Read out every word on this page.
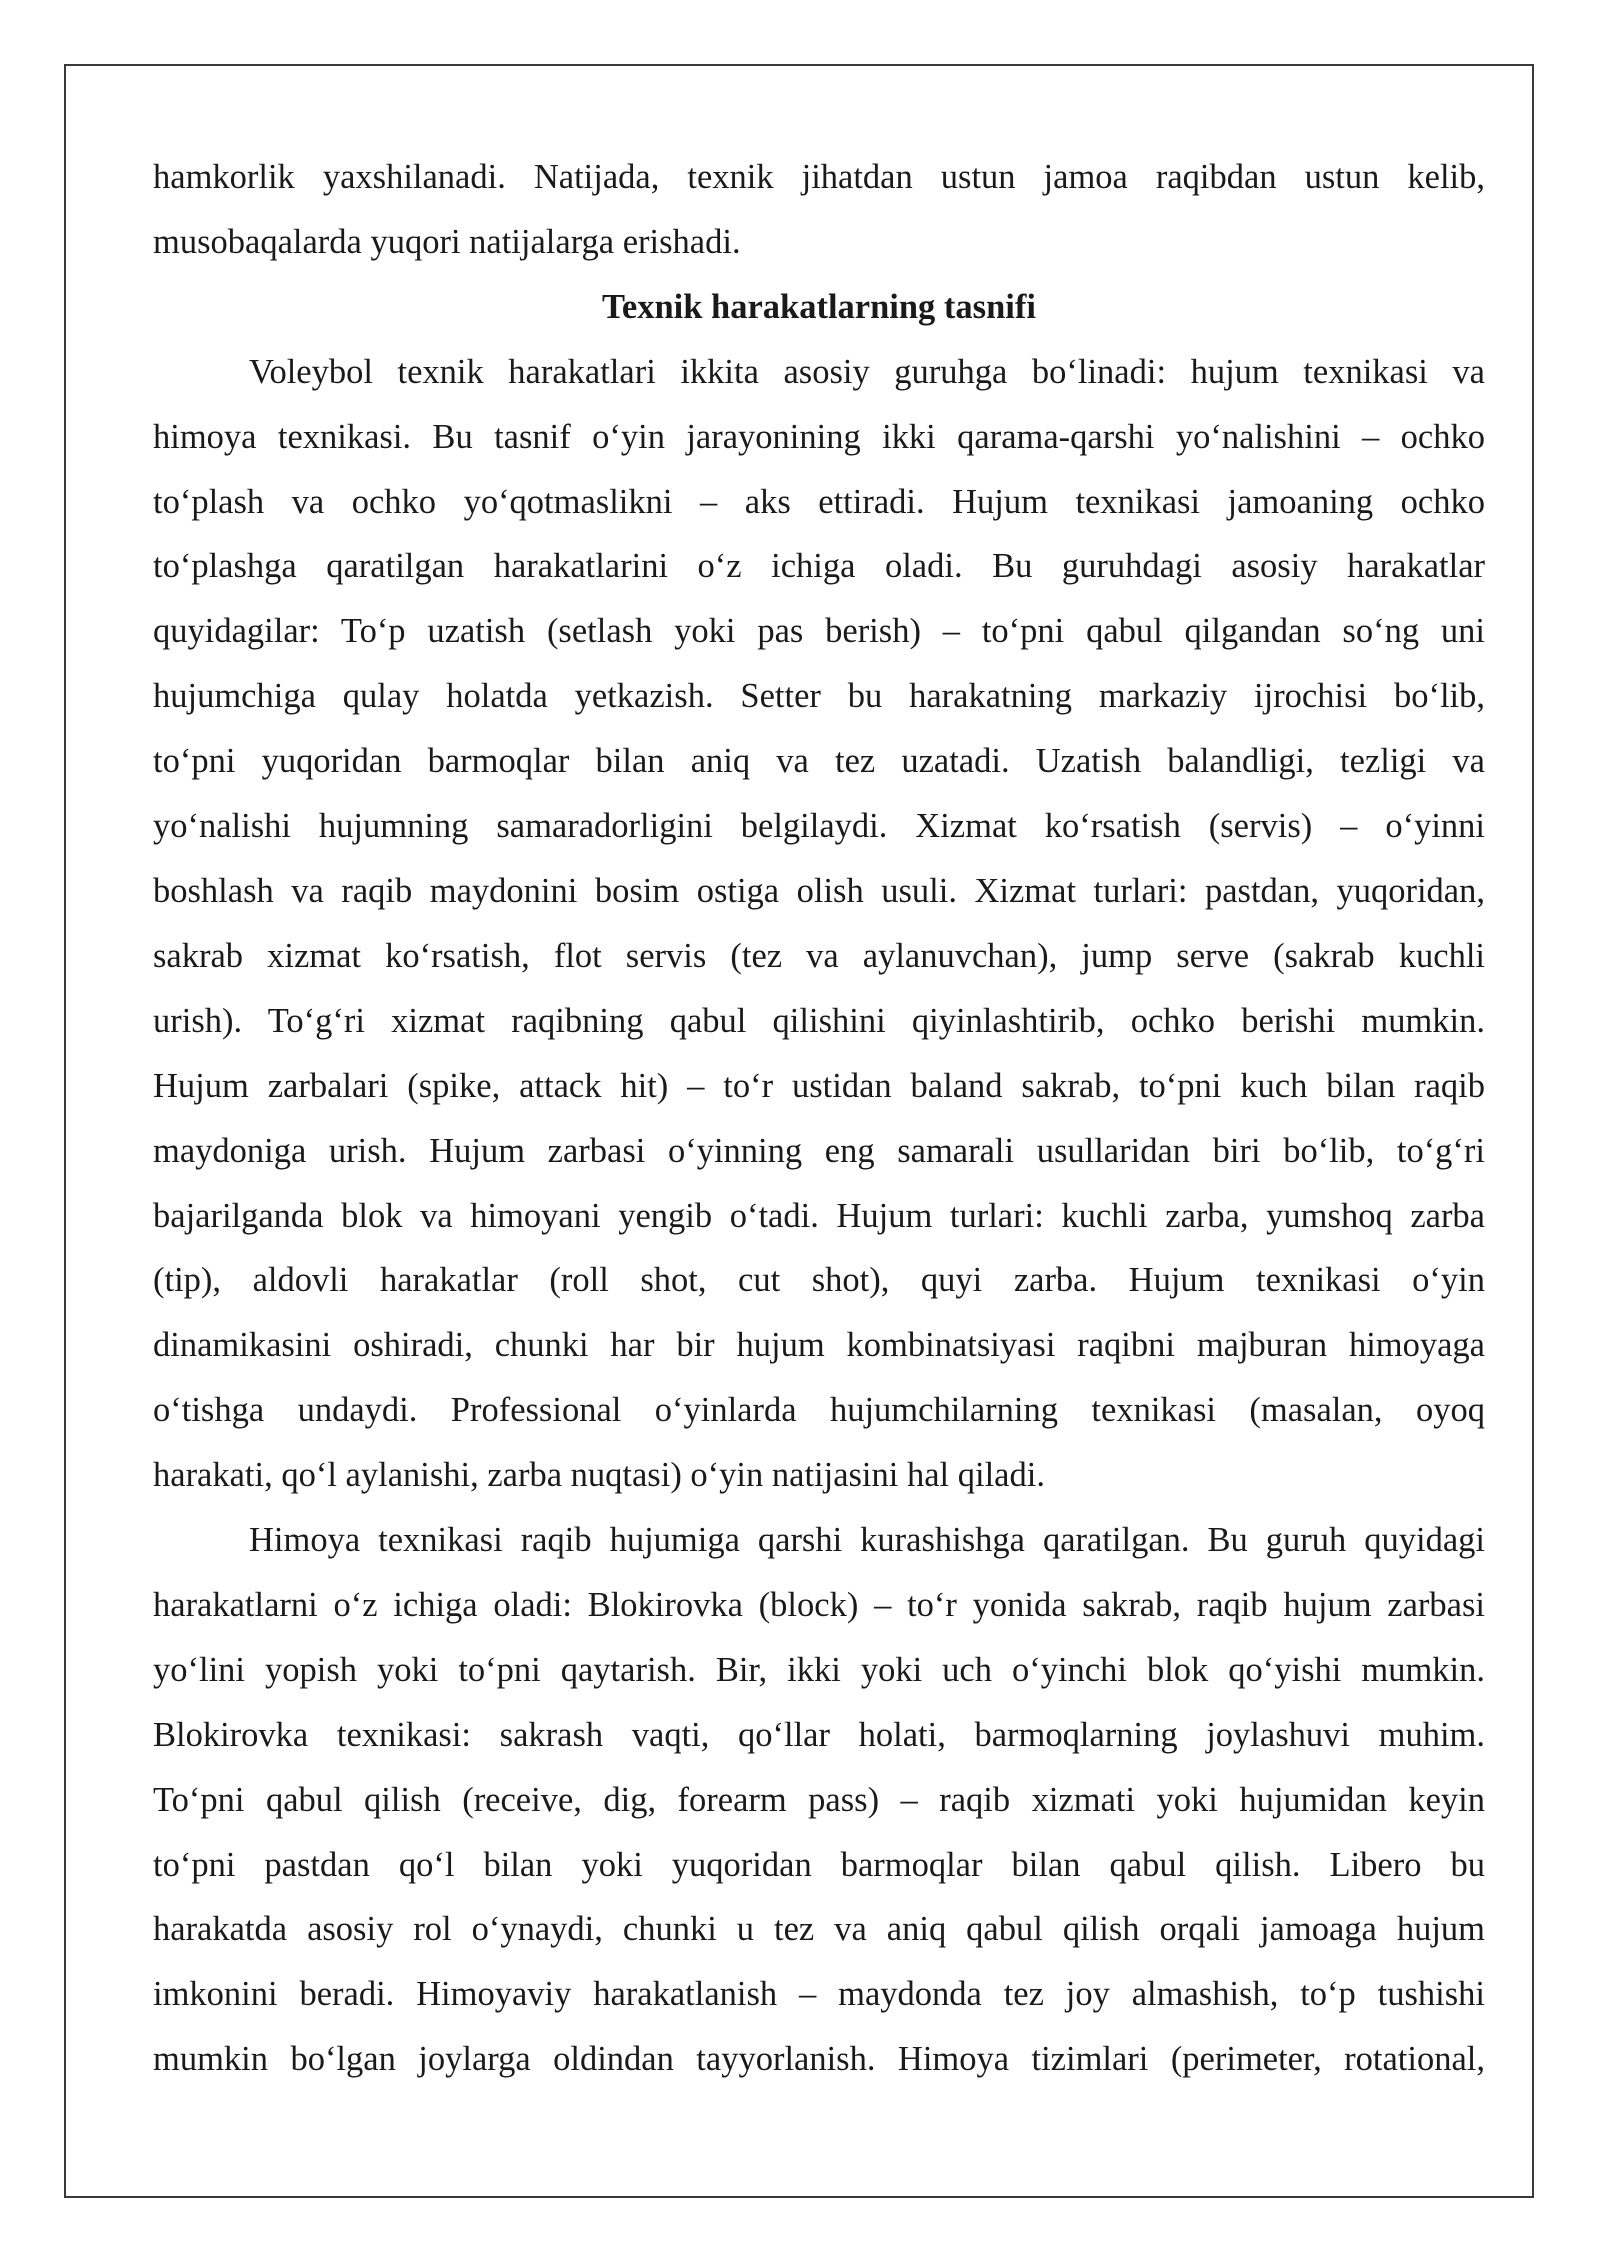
hamkorlik yaxshilanadi. Natijada, texnik jihatdan ustun jamoa raqibdan ustun kelib,
musobaqalarda yuqori natijalarga erishadi.
Texnik harakatlarning tasnifi
Voleybol texnik harakatlari ikkita asosiy guruhga bo‘linadi: hujum texnikasi va
himoya texnikasi. Bu tasnif o‘yin jarayonining ikki qarama-qarshi yo‘nalishini – ochko
to‘plash va ochko yo‘qotmaslikni – aks ettiradi. Hujum texnikasi jamoaning ochko
to‘plashga qaratilgan harakatlarini o‘z ichiga oladi. Bu guruhdagi asosiy harakatlar
quyidagilar: To‘p uzatish (setlash yoki pas berish) – to‘pni qabul qilgandan so‘ng uni
hujumchiga qulay holatda yetkazish. Setter bu harakatning markaziy ijrochisi bo‘lib,
to‘pni yuqoridan barmoqlar bilan aniq va tez uzatadi. Uzatish balandligi, tezligi va
yo‘nalishi hujumning samaradorligini belgilaydi. Xizmat ko‘rsatish (servis) – o‘yinni
boshlash va raqib maydonini bosim ostiga olish usuli. Xizmat turlari: pastdan, yuqoridan,
sakrab xizmat ko‘rsatish, flot servis (tez va aylanuvchan), jump serve (sakrab kuchli
urish). To‘g‘ri xizmat raqibning qabul qilishini qiyinlashtirib, ochko berishi mumkin.
Hujum zarbalari (spike, attack hit) – to‘r ustidan baland sakrab, to‘pni kuch bilan raqib
maydoniga urish. Hujum zarbasi o‘yinning eng samarali usullaridan biri bo‘lib, to‘g‘ri
bajarilganda blok va himoyani yengib o‘tadi. Hujum turlari: kuchli zarba, yumshoq zarba
(tip), aldovli harakatlar (roll shot, cut shot), quyi zarba. Hujum texnikasi o‘yin
dinamikasini oshiradi, chunki har bir hujum kombinatsiyasi raqibni majburan himoyaga
o‘tishga undaydi. Professional o‘yinlarda hujumchilarning texnikasi (masalan, oyoq
harakati, qo‘l aylanishi, zarba nuqtasi) o‘yin natijasini hal qiladi.
Himoya texnikasi raqib hujumiga qarshi kurashishga qaratilgan. Bu guruh quyidagi
harakatlarni o‘z ichiga oladi: Blokirovka (block) – to‘r yonida sakrab, raqib hujum zarbasi
yo‘lini yopish yoki to‘pni qaytarish. Bir, ikki yoki uch o‘yinchi blok qo‘yishi mumkin.
Blokirovka texnikasi: sakrash vaqti, qo‘llar holati, barmoqlarning joylashuvi muhim.
To‘pni qabul qilish (receive, dig, forearm pass) – raqib xizmati yoki hujumidan keyin
to‘pni pastdan qo‘l bilan yoki yuqoridan barmoqlar bilan qabul qilish. Libero bu
harakatda asosiy rol o‘ynaydi, chunki u tez va aniq qabul qilish orqali jamoaga hujum
imkonini beradi. Himoyaviy harakatlanish – maydonda tez joy almashish, to‘p tushishi
mumkin bo‘lgan joylarga oldindan tayyorlanish. Himoya tizimlari (perimeter, rotational,
